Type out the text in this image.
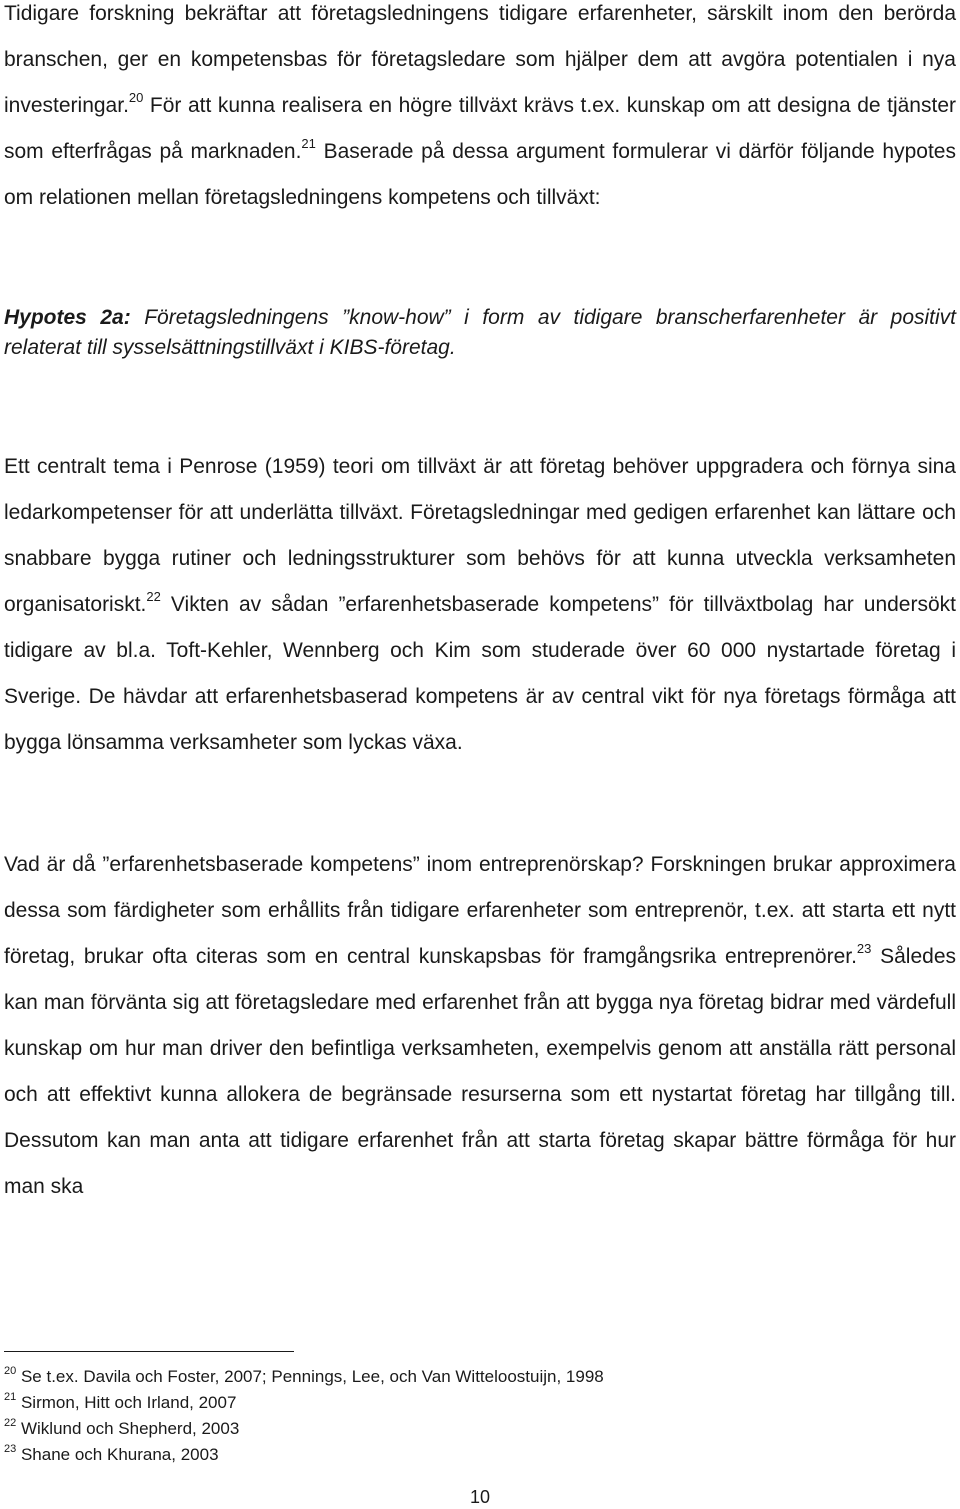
Tidigare forskning bekräftar att företagsledningens tidigare erfarenheter, särskilt inom den berörda branschen, ger en kompetensbas för företagsledare som hjälper dem att avgöra potentialen i nya investeringar.$^{20}$ För att kunna realisera en högre tillväxt krävs t.ex. kunskap om att designa de tjänster som efterfrågas på marknaden.$^{21}$ Baserade på dessa argument formulerar vi därför följande hypotes om relationen mellan företagsledningens kompetens och tillväxt:

Hypotes 2a: Företagsledningens ”know-how” i form av tidigare branscherfarenheter är positivt relaterat till sysselsättningstillväxt i KIBS-företag.

Ett centralt tema i Penrose (1959) teori om tillväxt är att företag behöver uppgradera och förnya sina ledarkompetenser för att underlätta tillväxt. Företagsledningar med gedigen erfarenhet kan lättare och snabbare bygga rutiner och ledningsstrukturer som behövs för att kunna utveckla verksamheten organisatoriskt.$^{22}$ Vikten av sådan ”erfarenhetsbaserade kompetens” för tillväxtbolag har undersökt tidigare av bl.a. Toft-Kehler, Wennberg och Kim som studerade över 60 000 nystartade företag i Sverige. De hävdar att erfarenhetsbaserad kompetens är av central vikt för nya företags förmåga att bygga lönsamma verksamheter som lyckas växa.

Vad är då ”erfarenhetsbaserade kompetens” inom entreprenörskap? Forskningen brukar approximera dessa som färdigheter som erhållits från tidigare erfarenheter som entreprenör, t.ex. att starta ett nytt företag, brukar ofta citeras som en central kunskapsbas för framgångsrika entreprenörer.$^{23}$ Således kan man förvänta sig att företagsledare med erfarenhet från att bygga nya företag bidrar med värdefull kunskap om hur man driver den befintliga verksamheten, exempelvis genom att anställa rätt personal och att effektivt kunna allokera de begränsade resurserna som ett nystartat företag har tillgång till. Dessutom kan man anta att tidigare erfarenhet från att starta företag skapar bättre förmåga för hur man ska

$^{20}$ Se t.ex. Davila och Foster, 2007; Pennings, Lee, och Van Witteloostuijn, 1998

$^{21}$ Sirmon, Hitt och Irland, 2007

$^{22}$ Wiklund och Shepherd, 2003

$^{23}$ Shane och Khurana, 2003

10
